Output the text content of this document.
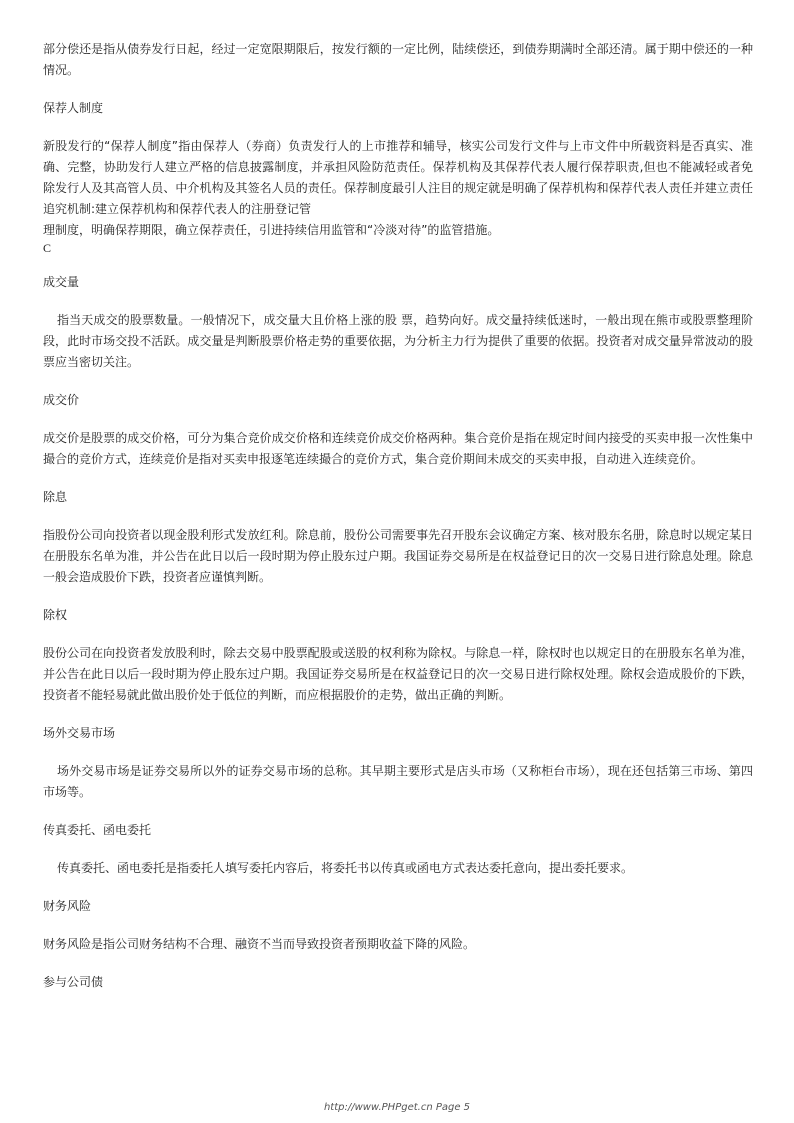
部分偿还是指从债券发行日起，经过一定宽限期限后，按发行额的一定比例，陆续偿还，到债券期满时全部还清。属于期中偿还的一种情况。

保荐人制度

新股发行的“保荐人制度”指由保荐人（券商）负责发行人的上市推荐和辅导，核实公司发行文件与上市文件中所载资料是否真实、准确、完整，协助发行人建立严格的信息披露制度，并承担风险防范责任。保荐机构及其保荐代表人履行保荐职责,但也不能减轻或者免除发行人及其高管人员、中介机构及其签名人员的责任。保荐制度最引人注目的规定就是明确了保荐机构和保荐代表人责任并建立责任追究机制:建立保荐机构和保荐代表人的注册登记管

理制度，明确保荐期限，确立保荐责任，引进持续信用监管和“冷淡对待”的监管措施。

C

成交量

指当天成交的股票数量。一般情况下，成交量大且价格上涨的股 票，趋势向好。成交量持续低迷时，一般出现在熊市或股票整理阶段，此时市场交投不活跃。成交量是判断股票价格走势的重要依据，为分析主力行为提供了重要的依据。投资者对成交量异常波动的股票应当密切关注。

成交价

成交价是股票的成交价格，可分为集合竞价成交价格和连续竞价成交价格两种。集合竞价是指在规定时间内接受的买卖申报一次性集中撮合的竞价方式，连续竞价是指对买卖申报逐笔连续撮合的竞价方式，集合竞价期间未成交的买卖申报，自动进入连续竞价。

除息

指股份公司向投资者以现金股利形式发放红利。除息前，股份公司需要事先召开股东会议确定方案、核对股东名册，除息时以规定某日在册股东名单为准，并公告在此日以后一段时期为停止股东过户期。我国证券交易所是在权益登记日的次一交易日进行除息处理。除息一般会造成股价下跌，投资者应谨慎判断。

除权

股份公司在向投资者发放股利时，除去交易中股票配股或送股的权利称为除权。与除息一样，除权时也以规定日的在册股东名单为准，并公告在此日以后一段时期为停止股东过户期。我国证券交易所是在权益登记日的次一交易日进行除权处理。除权会造成股价的下跌，投资者不能轻易就此做出股价处于低位的判断，而应根据股价的走势，做出正确的判断。

场外交易市场

场外交易市场是证券交易所以外的证券交易市场的总称。其早期主要形式是店头市场（又称柜台市场），现在还包括第三市场、第四市场等。

传真委托、函电委托

传真委托、函电委托是指委托人填写委托内容后，将委托书以传真或函电方式表达委托意向，提出委托要求。

财务风险

财务风险是指公司财务结构不合理、融资不当而导致投资者预期收益下降的风险。

参与公司债

http://www.PHPget.cn Page 5
